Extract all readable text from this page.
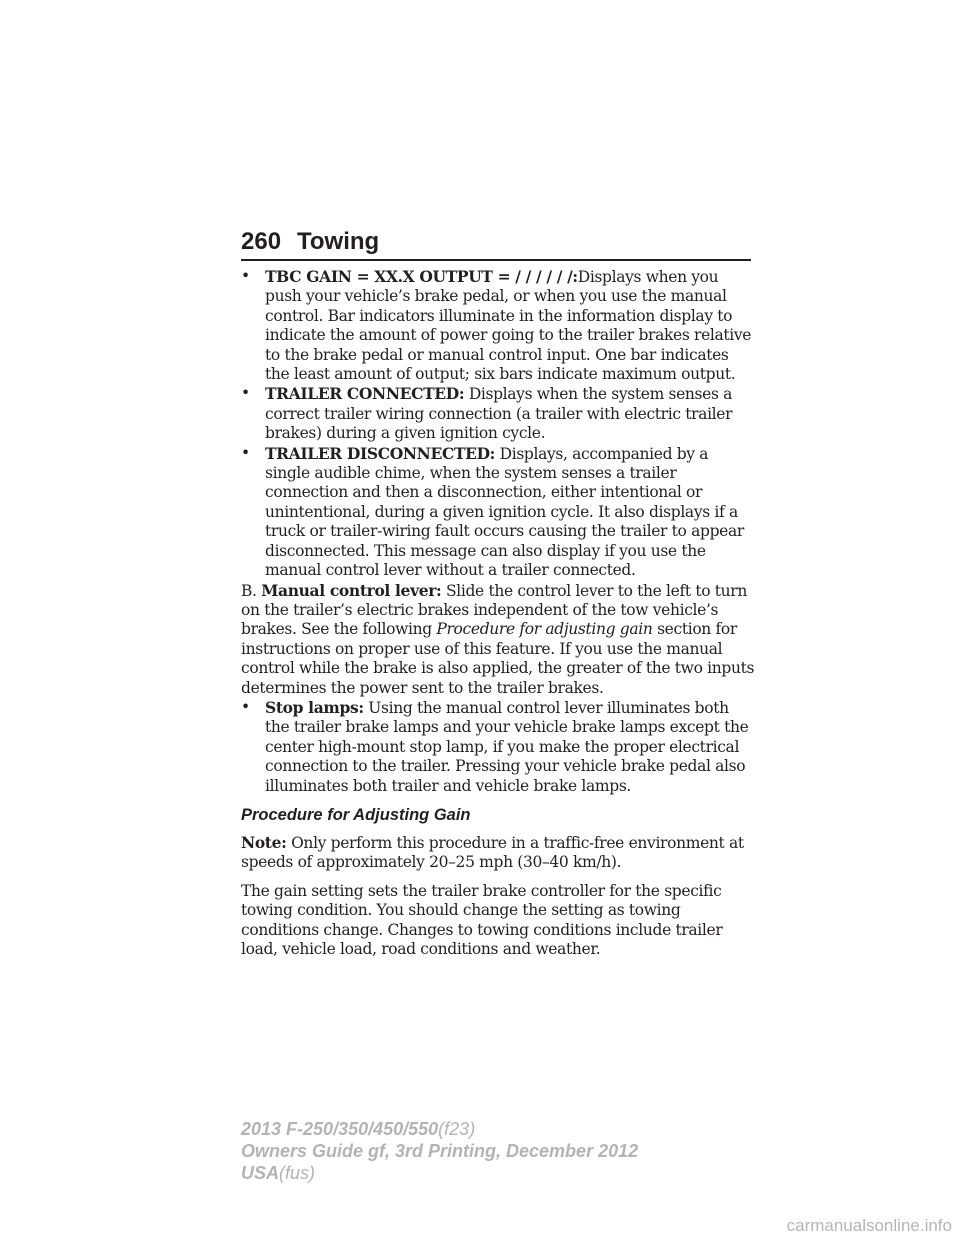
260 Towing

• TBC GAIN = XX.X OUTPUT = / / / / / /:Displays when you push your vehicle’s brake pedal, or when you use the manual control. Bar indicators illuminate in the information display to indicate the amount of power going to the trailer brakes relative to the brake pedal or manual control input. One bar indicates the least amount of output; six bars indicate maximum output.

• TRAILER CONNECTED: Displays when the system senses a correct trailer wiring connection (a trailer with electric trailer brakes) during a given ignition cycle.

• TRAILER DISCONNECTED: Displays, accompanied by a single audible chime, when the system senses a trailer connection and then a disconnection, either intentional or unintentional, during a given ignition cycle. It also displays if a truck or trailer-wiring fault occurs causing the trailer to appear disconnected. This message can also display if you use the manual control lever without a trailer connected.

B. Manual control lever: Slide the control lever to the left to turn on the trailer’s electric brakes independent of the tow vehicle’s brakes. See the following Procedure for adjusting gain section for instructions on proper use of this feature. If you use the manual control while the brake is also applied, the greater of the two inputs determines the power sent to the trailer brakes.

• Stop lamps: Using the manual control lever illuminates both the trailer brake lamps and your vehicle brake lamps except the center high-mount stop lamp, if you make the proper electrical connection to the trailer. Pressing your vehicle brake pedal also illuminates both trailer and vehicle brake lamps.

Procedure for Adjusting Gain

Note: Only perform this procedure in a traffic-free environment at speeds of approximately 20–25 mph (30–40 km/h).

The gain setting sets the trailer brake controller for the specific towing condition. You should change the setting as towing conditions change. Changes to towing conditions include trailer load, vehicle load, road conditions and weather.

2013 F-250/350/450/550(f23)
Owners Guide gf, 3rd Printing, December 2012
USA(fus)
carmanualsonline.info
